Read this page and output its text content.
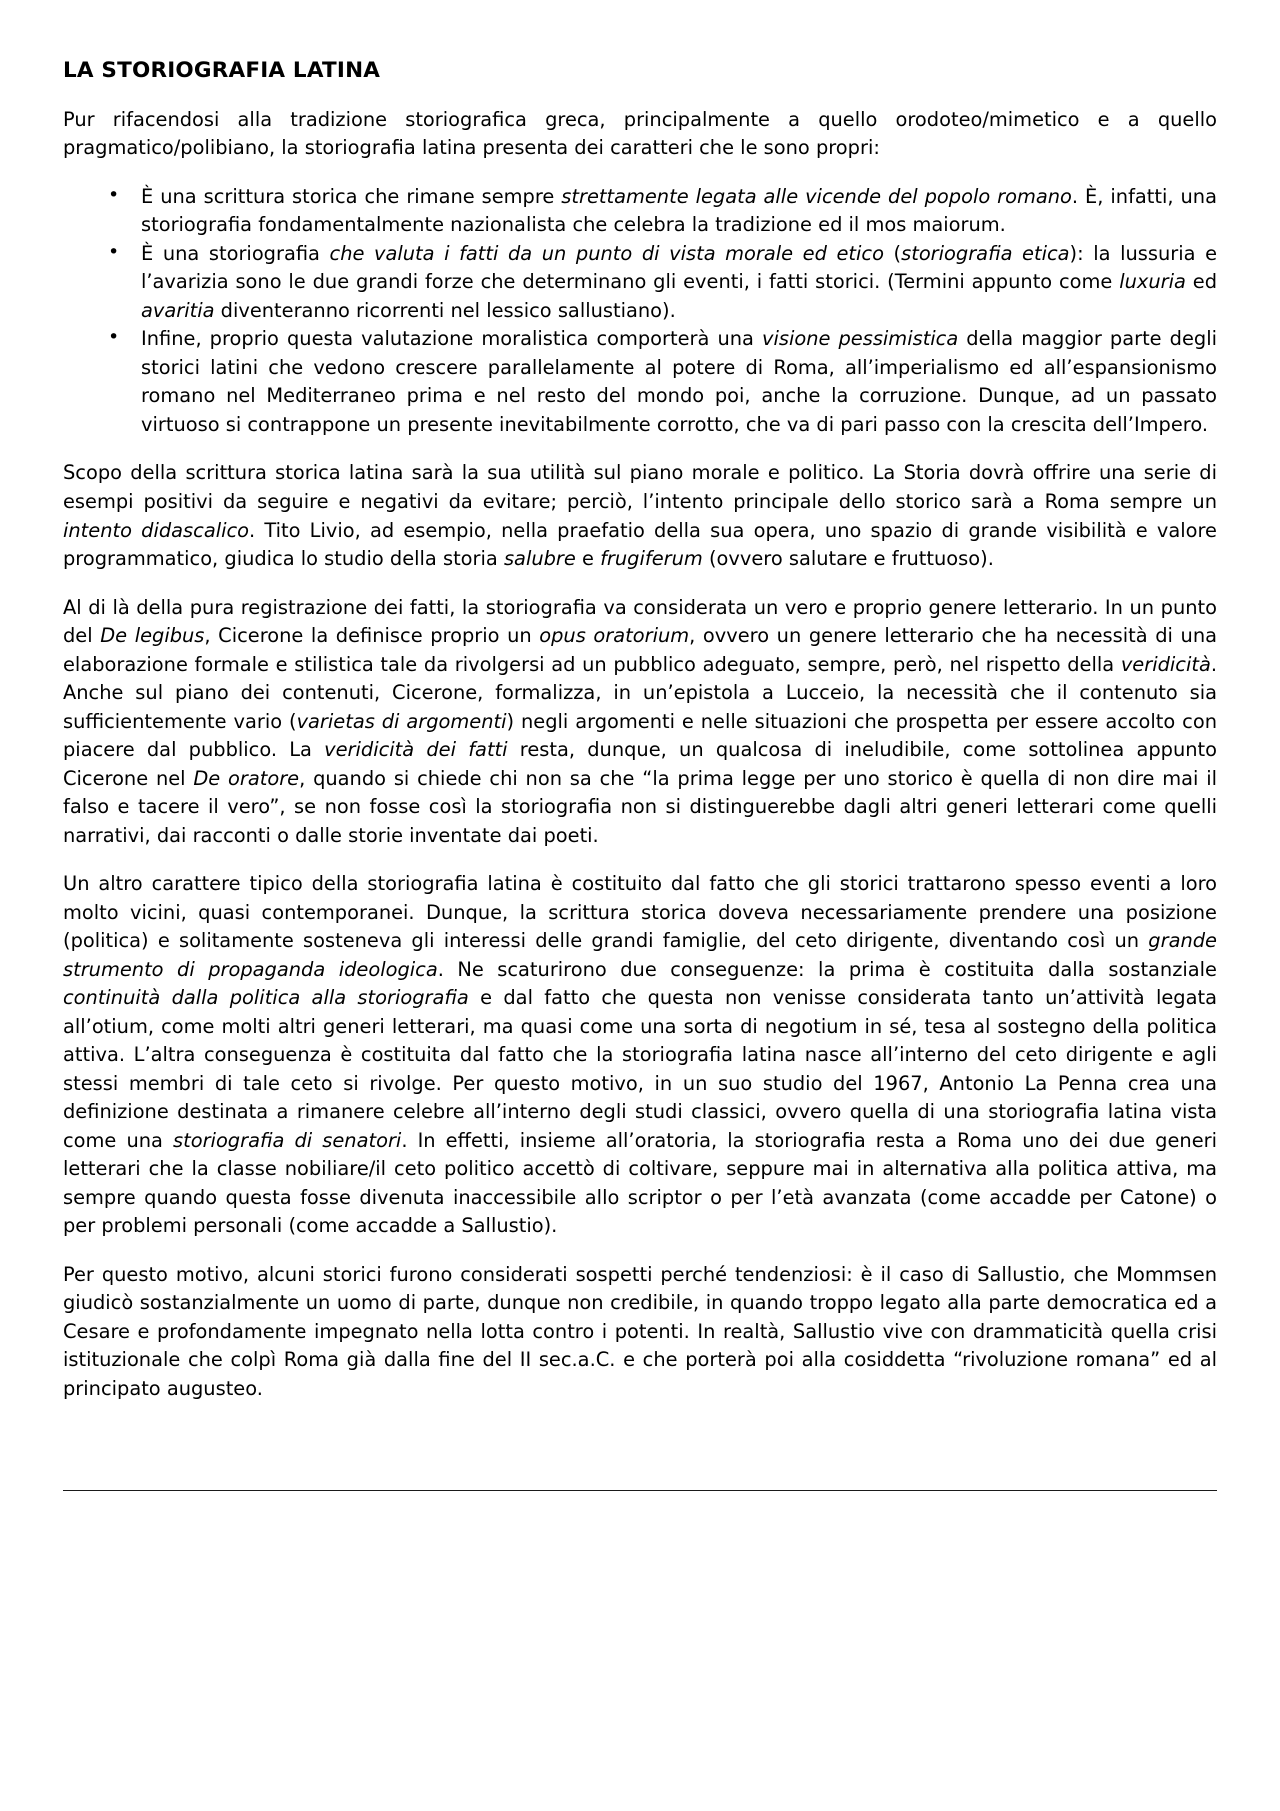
LA STORIOGRAFIA LATINA

Pur rifacendosi alla tradizione storiografica greca, principalmente a quello orodoteo/mimetico e a quello pragmatico/polibiano, la storiografia latina presenta dei caratteri che le sono propri:

• È una scrittura storica che rimane sempre strettamente legata alle vicende del popolo romano. È, infatti, una storiografia fondamentalmente nazionalista che celebra la tradizione ed il mos maiorum.
• È una storiografia che valuta i fatti da un punto di vista morale ed etico (storiografia etica): la lussuria e l’avarizia sono le due grandi forze che determinano gli eventi, i fatti storici. (Termini appunto come luxuria ed avaritia diventeranno ricorrenti nel lessico sallustiano).
• Infine, proprio questa valutazione moralistica comporterà una visione pessimistica della maggior parte degli storici latini che vedono crescere parallelamente al potere di Roma, all’imperialismo ed all’espansionismo romano nel Mediterraneo prima e nel resto del mondo poi, anche la corruzione. Dunque, ad un passato virtuoso si contrappone un presente inevitabilmente corrotto, che va di pari passo con la crescita dell’Impero.

Scopo della scrittura storica latina sarà la sua utilità sul piano morale e politico. La Storia dovrà offrire una serie di esempi positivi da seguire e negativi da evitare; perciò, l’intento principale dello storico sarà a Roma sempre un intento didascalico. Tito Livio, ad esempio, nella praefatio della sua opera, uno spazio di grande visibilità e valore programmatico, giudica lo studio della storia salubre e frugiferum (ovvero salutare e fruttuoso).

Al di là della pura registrazione dei fatti, la storiografia va considerata un vero e proprio genere letterario. In un punto del De legibus, Cicerone la definisce proprio un opus oratorium, ovvero un genere letterario che ha necessità di una elaborazione formale e stilistica tale da rivolgersi ad un pubblico adeguato, sempre, però, nel rispetto della veridicità. Anche sul piano dei contenuti, Cicerone, formalizza, in un’epistola a Lucceio, la necessità che il contenuto sia sufficientemente vario (varietas di argomenti) negli argomenti e nelle situazioni che prospetta per essere accolto con piacere dal pubblico. La veridicità dei fatti resta, dunque, un qualcosa di ineludibile, come sottolinea appunto Cicerone nel De oratore, quando si chiede chi non sa che “la prima legge per uno storico è quella di non dire mai il falso e tacere il vero”, se non fosse così la storiografia non si distinguerebbe dagli altri generi letterari come quelli narrativi, dai racconti o dalle storie inventate dai poeti.

Un altro carattere tipico della storiografia latina è costituito dal fatto che gli storici trattarono spesso eventi a loro molto vicini, quasi contemporanei. Dunque, la scrittura storica doveva necessariamente prendere una posizione (politica) e solitamente sosteneva gli interessi delle grandi famiglie, del ceto dirigente, diventando così un grande strumento di propaganda ideologica. Ne scaturirono due conseguenze: la prima è costituita dalla sostanziale continuità dalla politica alla storiografia e dal fatto che questa non venisse considerata tanto un’attività legata all’otium, come molti altri generi letterari, ma quasi come una sorta di negotium in sé, tesa al sostegno della politica attiva. L’altra conseguenza è costituita dal fatto che la storiografia latina nasce all’interno del ceto dirigente e agli stessi membri di tale ceto si rivolge. Per questo motivo, in un suo studio del 1967, Antonio La Penna crea una definizione destinata a rimanere celebre all’interno degli studi classici, ovvero quella di una storiografia latina vista come una storiografia di senatori. In effetti, insieme all’oratoria, la storiografia resta a Roma uno dei due generi letterari che la classe nobiliare/il ceto politico accettò di coltivare, seppure mai in alternativa alla politica attiva, ma sempre quando questa fosse divenuta inaccessibile allo scriptor o per l’età avanzata (come accadde per Catone) o per problemi personali (come accadde a Sallustio).

Per questo motivo, alcuni storici furono considerati sospetti perché tendenziosi: è il caso di Sallustio, che Mommsen giudicò sostanzialmente un uomo di parte, dunque non credibile, in quando troppo legato alla parte democratica ed a Cesare e profondamente impegnato nella lotta contro i potenti. In realtà, Sallustio vive con drammaticità quella crisi istituzionale che colpì Roma già dalla fine del II sec.a.C. e che porterà poi alla cosiddetta “rivoluzione romana” ed al principato augusteo.
